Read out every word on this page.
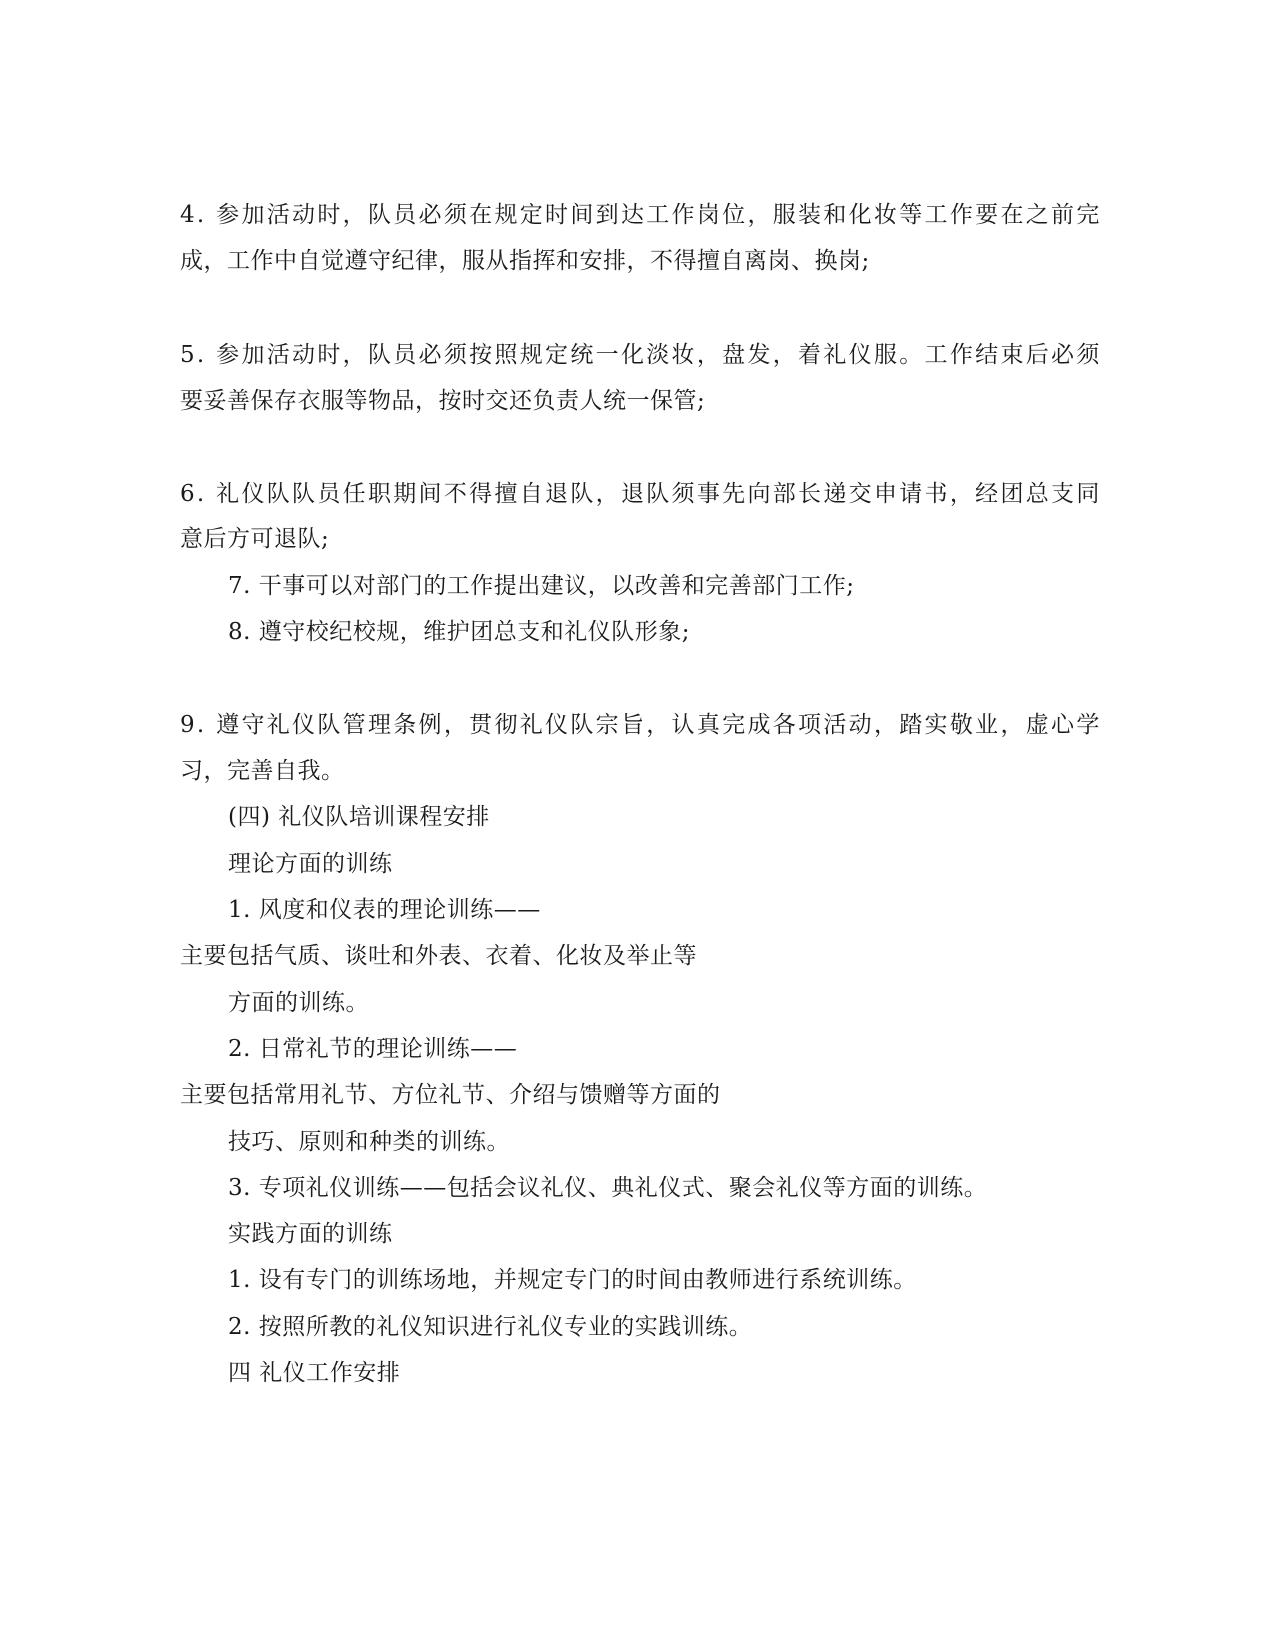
4. 参加活动时，队员必须在规定时间到达工作岗位，服装和化妆等工作要在之前完

成，工作中自觉遵守纪律，服从指挥和安排，不得擅自离岗、换岗;

5. 参加活动时，队员必须按照规定统一化淡妆，盘发，着礼仪服。工作结束后必须

要妥善保存衣服等物品，按时交还负责人统一保管;

6. 礼仪队队员任职期间不得擅自退队，退队须事先向部长递交申请书，经团总支同

意后方可退队;

7. 干事可以对部门的工作提出建议，以改善和完善部门工作;

8. 遵守校纪校规，维护团总支和礼仪队形象;

9. 遵守礼仪队管理条例，贯彻礼仪队宗旨，认真完成各项活动，踏实敬业，虚心学

习，完善自我。

(四) 礼仪队培训课程安排

理论方面的训练

1. 风度和仪表的理论训练——

主要包括气质、谈吐和外表、衣着、化妆及举止等

方面的训练。

2. 日常礼节的理论训练——

主要包括常用礼节、方位礼节、介绍与馈赠等方面的

技巧、原则和种类的训练。

3. 专项礼仪训练——包括会议礼仪、典礼仪式、聚会礼仪等方面的训练。

实践方面的训练

1. 设有专门的训练场地，并规定专门的时间由教师进行系统训练。

2. 按照所教的礼仪知识进行礼仪专业的实践训练。

四 礼仪工作安排
